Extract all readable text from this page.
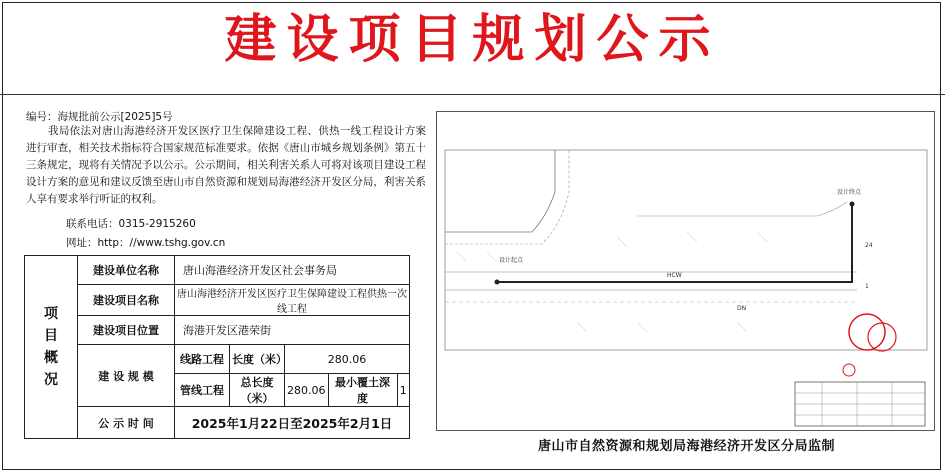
建设项目规划公示
编号：海规批前公示[2025]5号
我局依法对唐山海港经济开发区医疗卫生保障建设工程、供热一线工程设计方案进行审查，相关技术指标符合国家规范标准要求。依据《唐山市城乡规划条例》第五十三条规定，现将有关情况予以公示。公示期间，相关利害关系人可将对该项目建设工程设计方案的意见和建议反馈至唐山市自然资源和规划局海港经济开发区分局，利害关系人享有要求举行听证的权利。
联系电话：0315-2915260
网址：http：//www.tshg.gov.cn
项
目
概
况	建设单位名称	唐山海港经济开发区社会事务局				
	建设项目名称	唐山海港经济开发区医疗卫生保障建设工程供热一次线工程				
	建设项目位置	海港开发区港荣街				
	建 设 规 模	线路工程	长度（米）	280.06		
		管线工程	总长度（米）	280.06	最小覆土深度	1
	公 示 时 间	2025年1月22日至2025年2月1日				
设计起点
设计终点
HCW
DN
24
1
唐山市自然资源和规划局海港经济开发区分局监制
